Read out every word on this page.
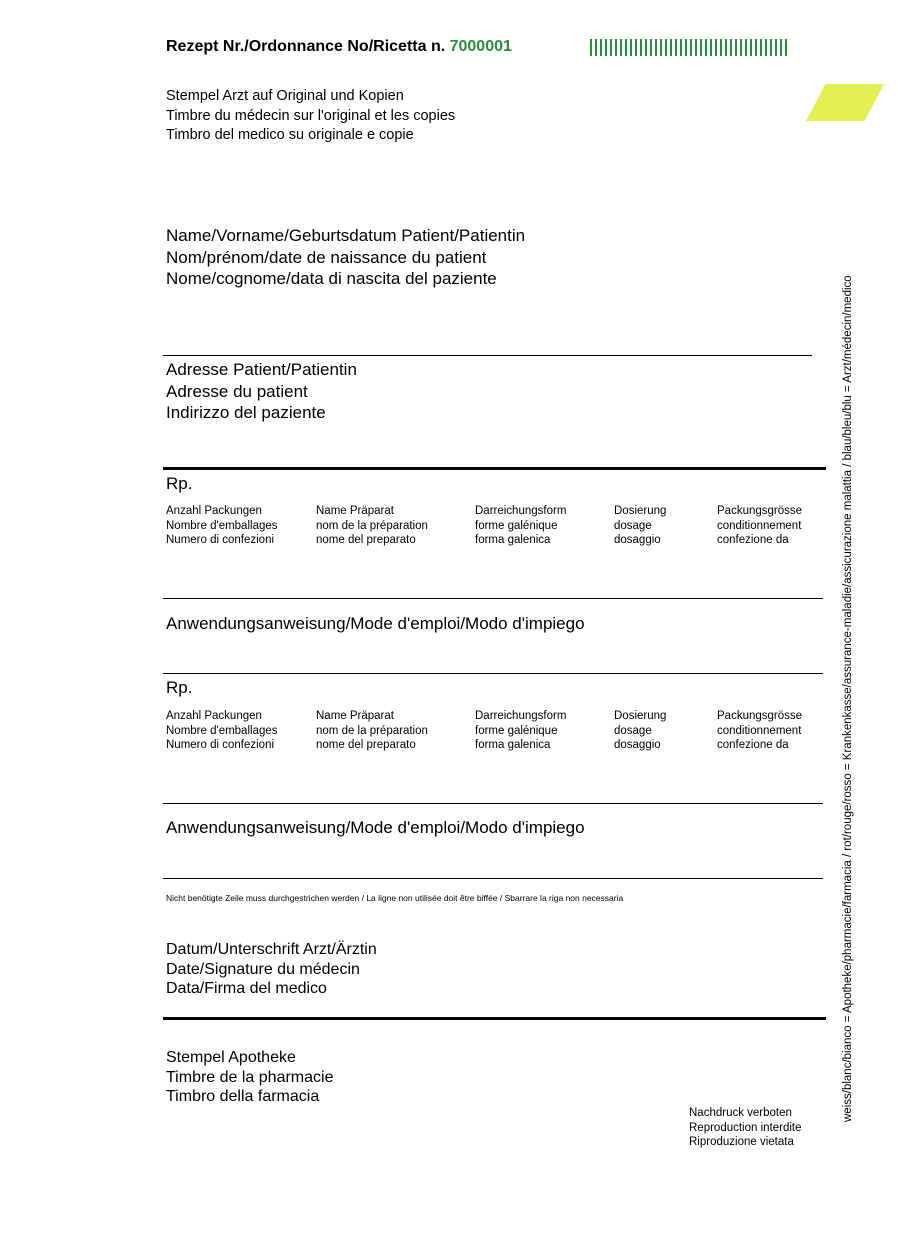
Rezept Nr./Ordonnance No/Ricetta n. 7000001
Stempel Arzt auf Original und Kopien
Timbre du médecin sur l'original et les copies
Timbro del medico su originale e copie
Name/Vorname/Geburtsdatum Patient/Patientin
Nom/prénom/date de naissance du patient
Nome/cognome/data di nascita del paziente
Adresse Patient/Patientin
Adresse du patient
Indirizzo del paziente
Rp.
Anzahl Packungen
Nombre d'emballages
Numero di confezioni
Name Präparat
nom de la préparation
nome del preparato
Darreichungsform
forme galénique
forma galenica
Dosierung
dosage
dosaggio
Packungsgrösse
conditionnement
confezione da
Anwendungsanweisung/Mode d'emploi/Modo d'impiego
Rp.
Anzahl Packungen
Nombre d'emballages
Numero di confezioni
Name Präparat
nom de la préparation
nome del preparato
Darreichungsform
forme galénique
forma galenica
Dosierung
dosage
dosaggio
Packungsgrösse
conditionnement
confezione da
Anwendungsanweisung/Mode d'emploi/Modo d'impiego
Nicht benötigte Zeile muss durchgestrichen werden / La ligne non utilisée doit être biffée / Sbarrare la riga non necessaria
Datum/Unterschrift Arzt/Ärztin
Date/Signature du médecin
Data/Firma del medico
Stempel Apotheke
Timbre de la pharmacie
Timbro della farmacia
Nachdruck verboten
Reproduction interdite
Riproduzione vietata
weiss/blanc/bianco = Apotheke/pharmacie/farmacia / rot/rouge/rosso = Krankenkasse/assurance-maladie/assicurazione malattia / blau/bleu/blu = Arzt/médecin/medico
